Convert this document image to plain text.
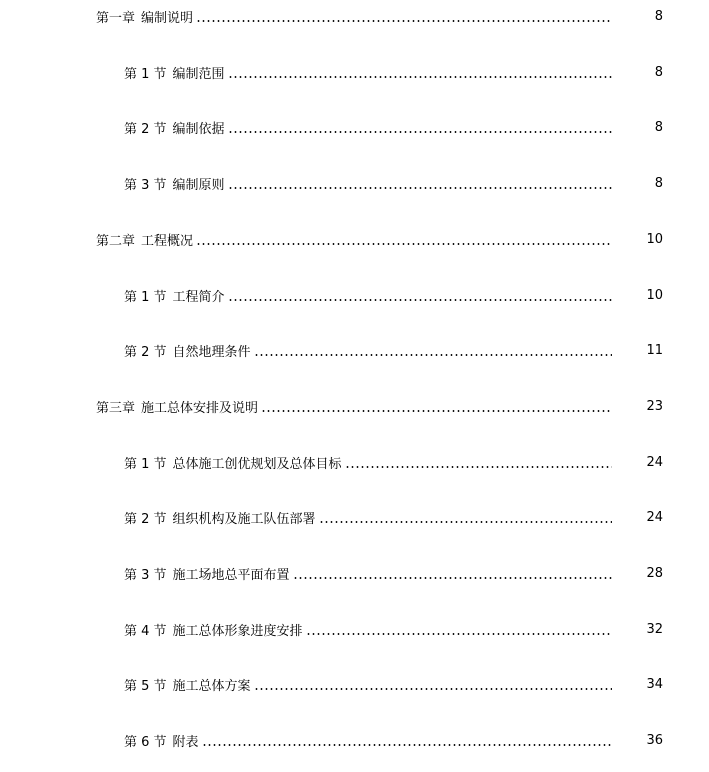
第一章 编制说明	8
第 1 节 编制范围	8
第 2 节 编制依据	8
第 3 节 编制原则	8
第二章 工程概况	10
第 1 节 工程简介	10
第 2 节 自然地理条件	11
第三章 施工总体安排及说明	23
第 1 节 总体施工创优规划及总体目标	24
第 2 节 组织机构及施工队伍部署	24
第 3 节 施工场地总平面布置	28
第 4 节 施工总体形象进度安排	32
第 5 节 施工总体方案	34
第 6 节 附表	36
